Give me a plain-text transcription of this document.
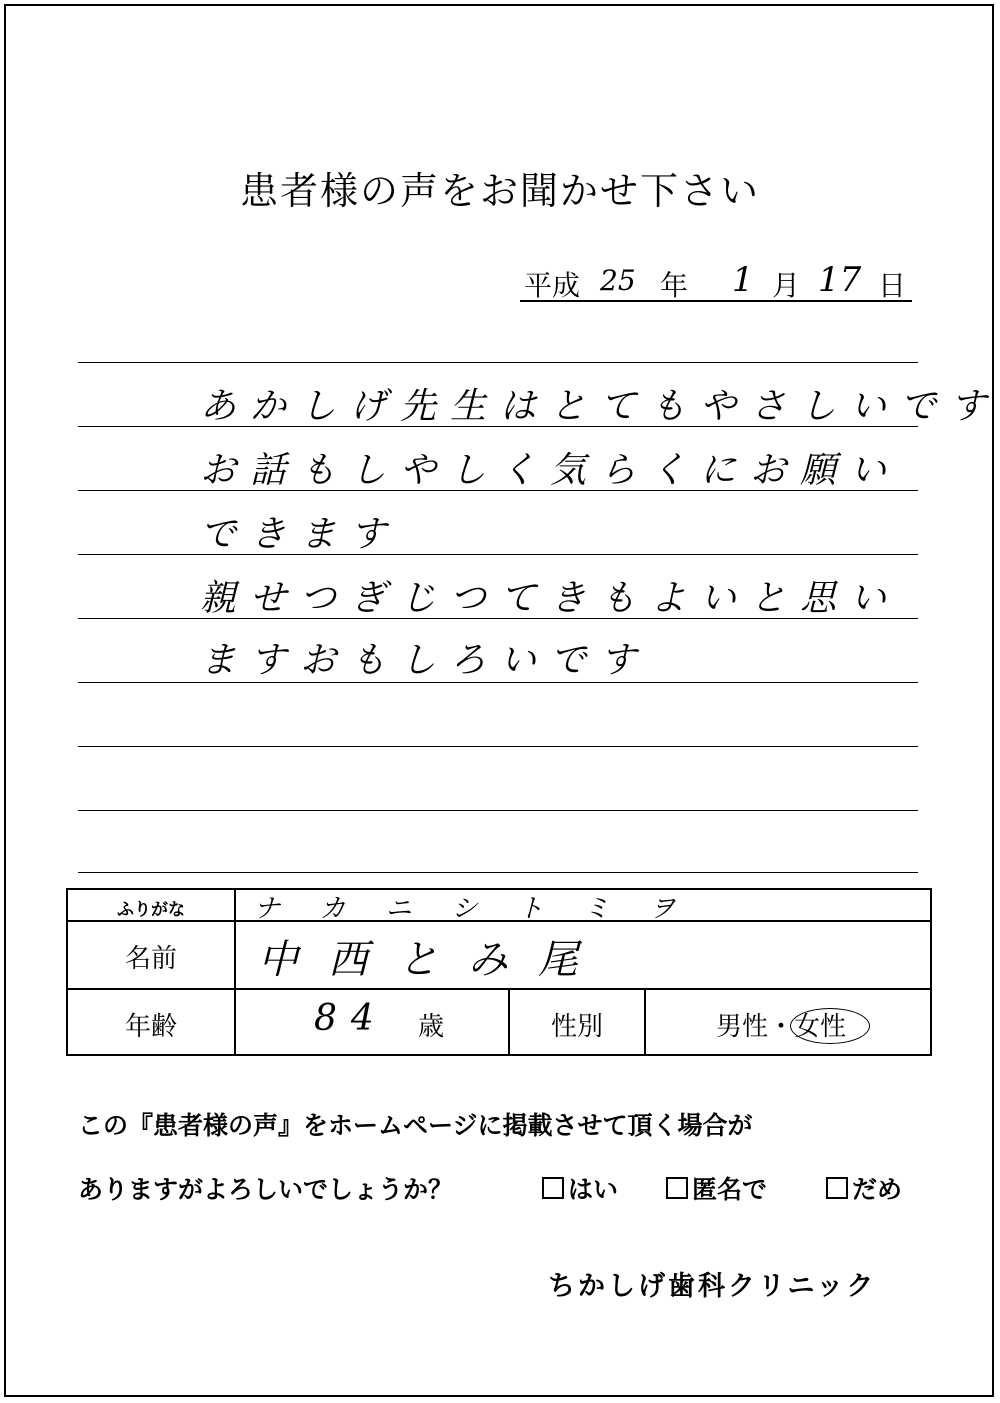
患者様の声をお聞かせ下さい
平成 25 年 1 月 17 日
あかしげ先生はとてもやさしいです
お話もしやしく気らくにお願い
できます
親せつぎじつてきもよいと思い
ますおもしろいです
ふりがな	ナカニシトミヲ
名前	中西とみ尾
年齢	84 歳	性別	男性・女性
この『患者様の声』をホームページに掲載させて頂く場合が
ありますがよろしいでしょうか？	はい	匿名で	だめ
ちかしげ歯科クリニック
